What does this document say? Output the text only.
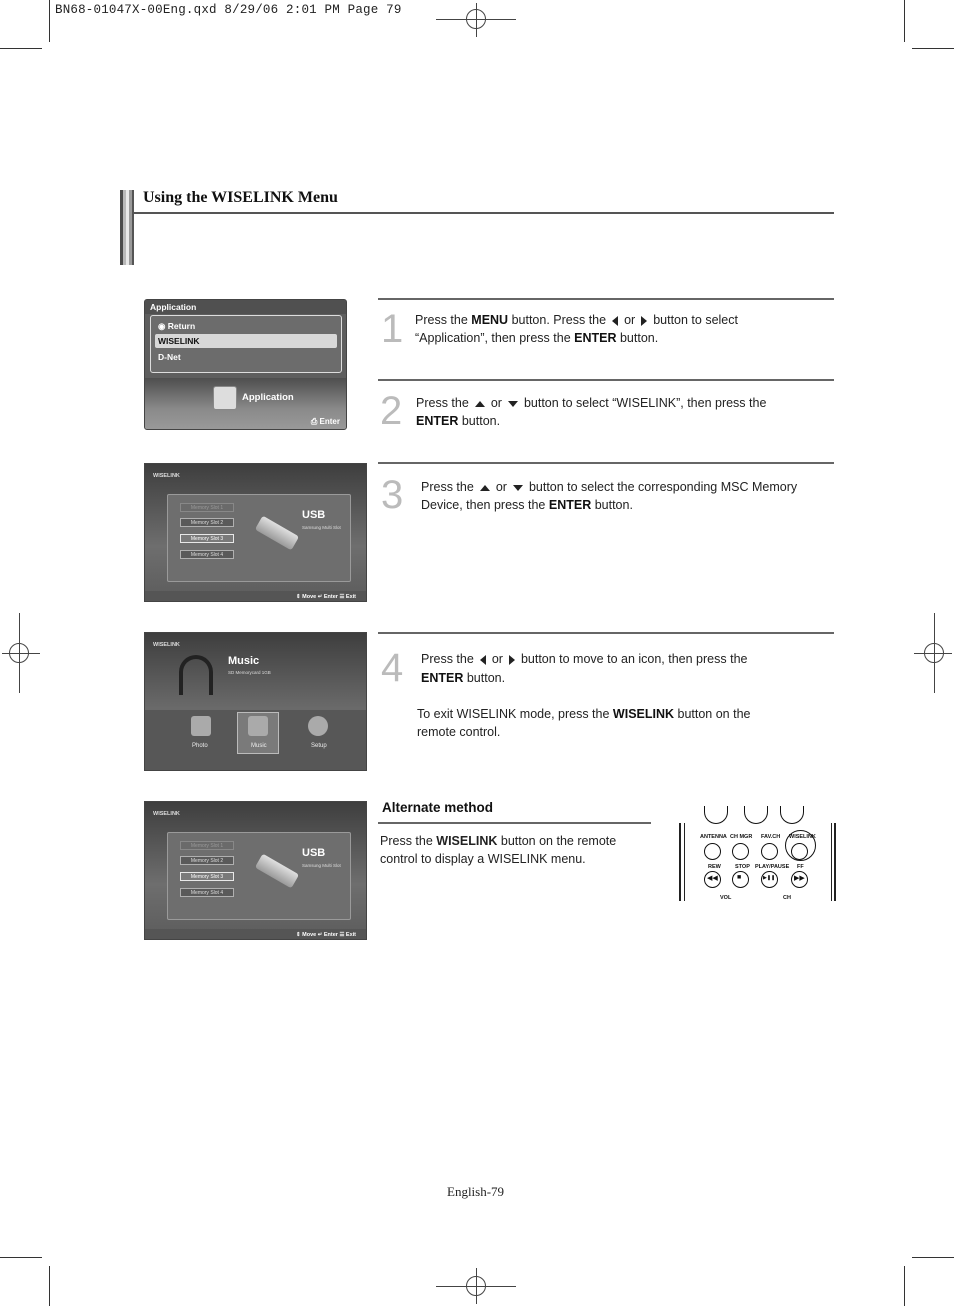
BN68-01047X-00Eng.qxd 8/29/06 2:01 PM Page 79
Using the WISELINK Menu
Application
◉ Return
WISELINK
D-Net
Application
⎙ Enter
1 Press the MENU button. Press the or button to select
“Application”, then press the ENTER button.
2 Press the or button to select “WISELINK”, then press the
ENTER button.
WISELINK
Memory Slot 1
Memory Slot 2
Memory Slot 3
Memory Slot 4
USB
Samsung Multi Slot
⇕ Move ↵ Enter ☰ Exit
3 Press the or button to select the corresponding MSC Memory
Device, then press the ENTER button.
WISELINK
Music
SD Memorycard 1GB
Photo	Music	Setup
4 Press the or button to move to an icon, then press the
ENTER button.
To exit WISELINK mode, press the WISELINK button on the
remote control.
WISELINK
Memory Slot 1
Memory Slot 2
Memory Slot 3
Memory Slot 4
USB
Samsung Multi Slot
⇕ Move ↵ Enter ☰ Exit
Alternate method
Press the WISELINK button on the remote
control to display a WISELINK menu.
ANTENNA CH MGR FAV.CH WISELINK
REW	STOP PLAY/PAUSE FF
◀◀	■	▶❚❚	▶▶
VOL	CH
English-79
